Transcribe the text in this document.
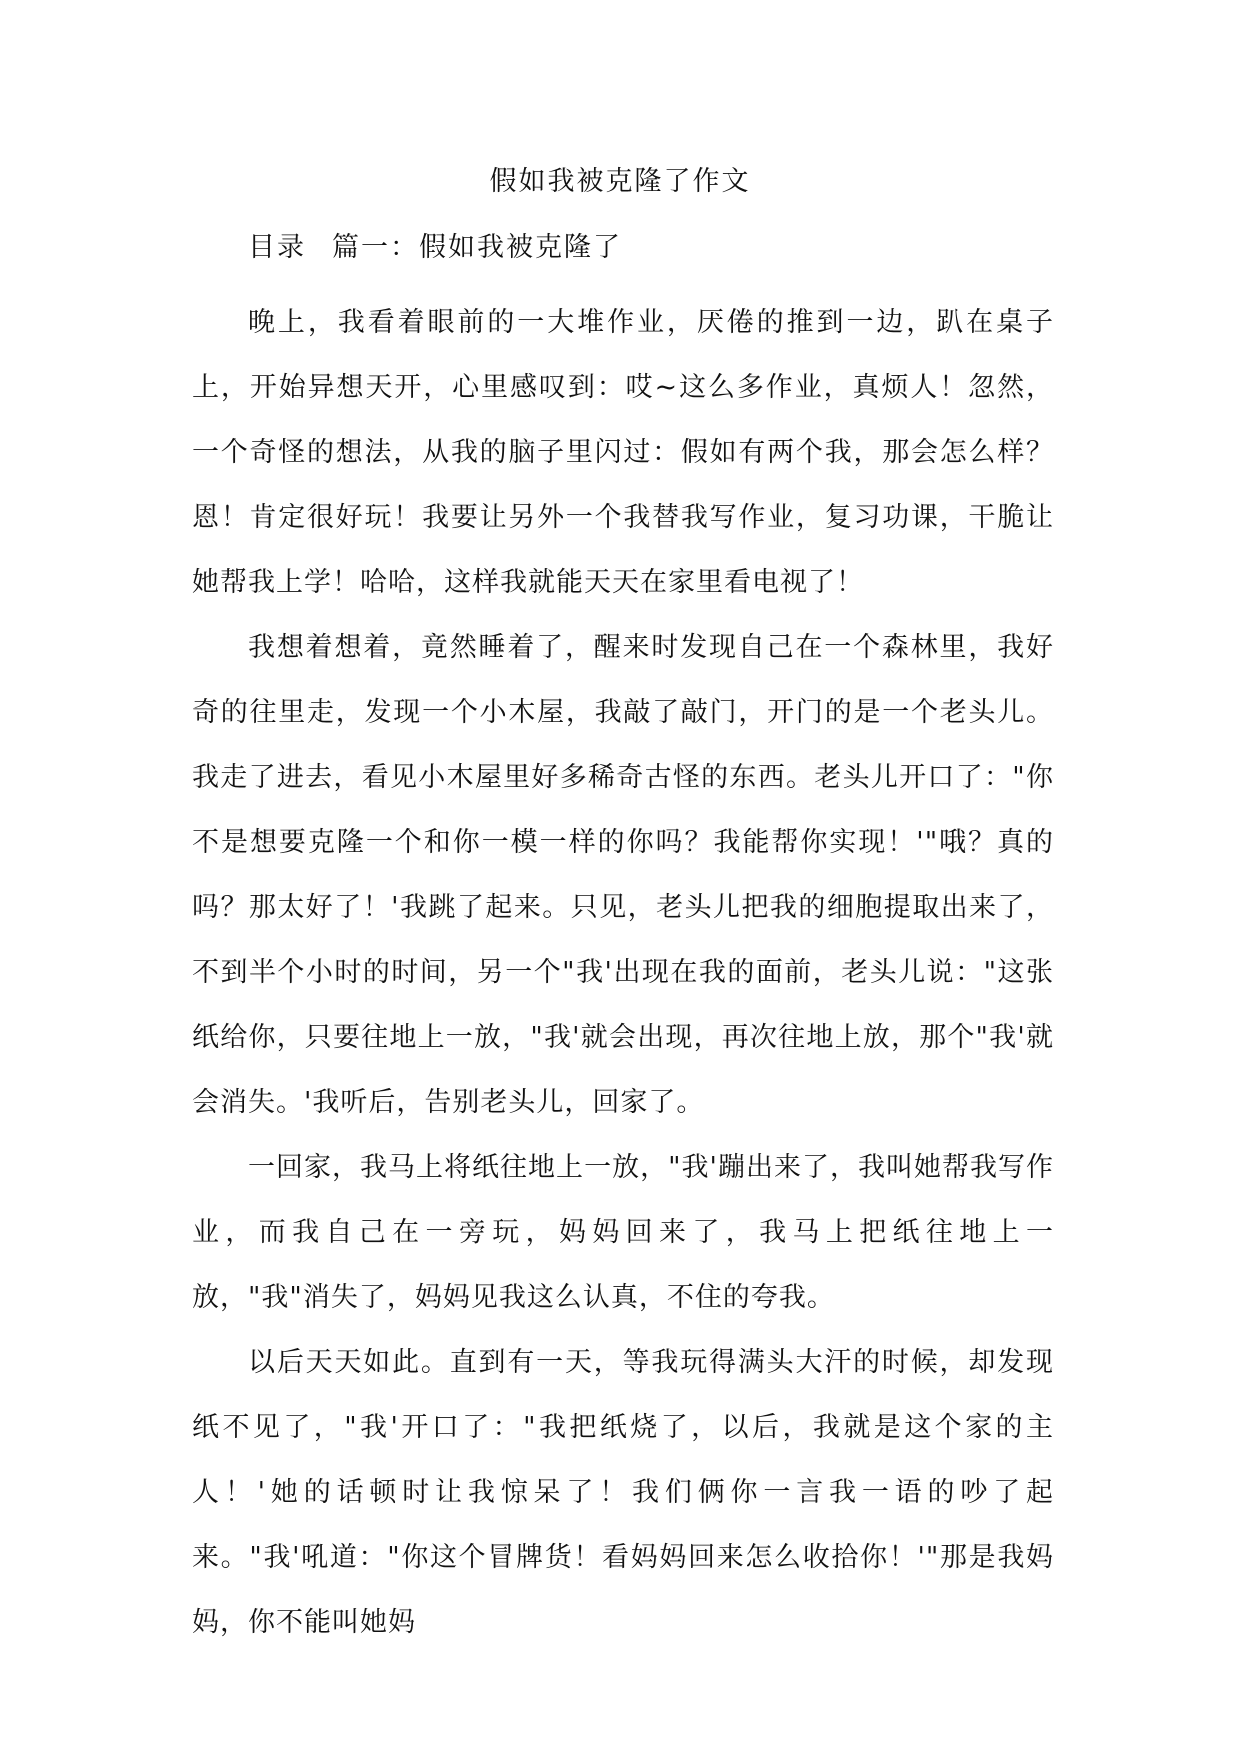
假如我被克隆了作文
目录 篇一：假如我被克隆了

晚上，我看着眼前的一大堆作业，厌倦的推到一边，趴在桌子上，开始异想天开，心里感叹到：哎~这么多作业，真烦人！忽然，一个奇怪的想法，从我的脑子里闪过：假如有两个我，那会怎么样？恩！肯定很好玩！我要让另外一个我替我写作业，复习功课，干脆让她帮我上学！哈哈，这样我就能天天在家里看电视了！

我想着想着，竟然睡着了，醒来时发现自己在一个森林里，我好奇的往里走，发现一个小木屋，我敲了敲门，开门的是一个老头儿。我走了进去，看见小木屋里好多稀奇古怪的东西。老头儿开口了："你不是想要克隆一个和你一模一样的你吗？我能帮你实现！'"哦？真的吗？那太好了！'我跳了起来。只见，老头儿把我的细胞提取出来了，不到半个小时的时间，另一个"我'出现在我的面前，老头儿说："这张纸给你，只要往地上一放，"我'就会出现，再次往地上放，那个"我'就会消失。'我听后，告别老头儿，回家了。

一回家，我马上将纸往地上一放，"我'蹦出来了，我叫她帮我写作业，而我自己在一旁玩，妈妈回来了，我马上把纸往地上一放，"我"消失了，妈妈见我这么认真，不住的夸我。

以后天天如此。直到有一天，等我玩得满头大汗的时候，却发现纸不见了，"我'开口了："我把纸烧了，以后，我就是这个家的主人！'她的话顿时让我惊呆了！我们俩你一言我一语的吵了起来。"我'吼道："你这个冒牌货！看妈妈回来怎么收拾你！'"那是我妈妈，你不能叫她妈
